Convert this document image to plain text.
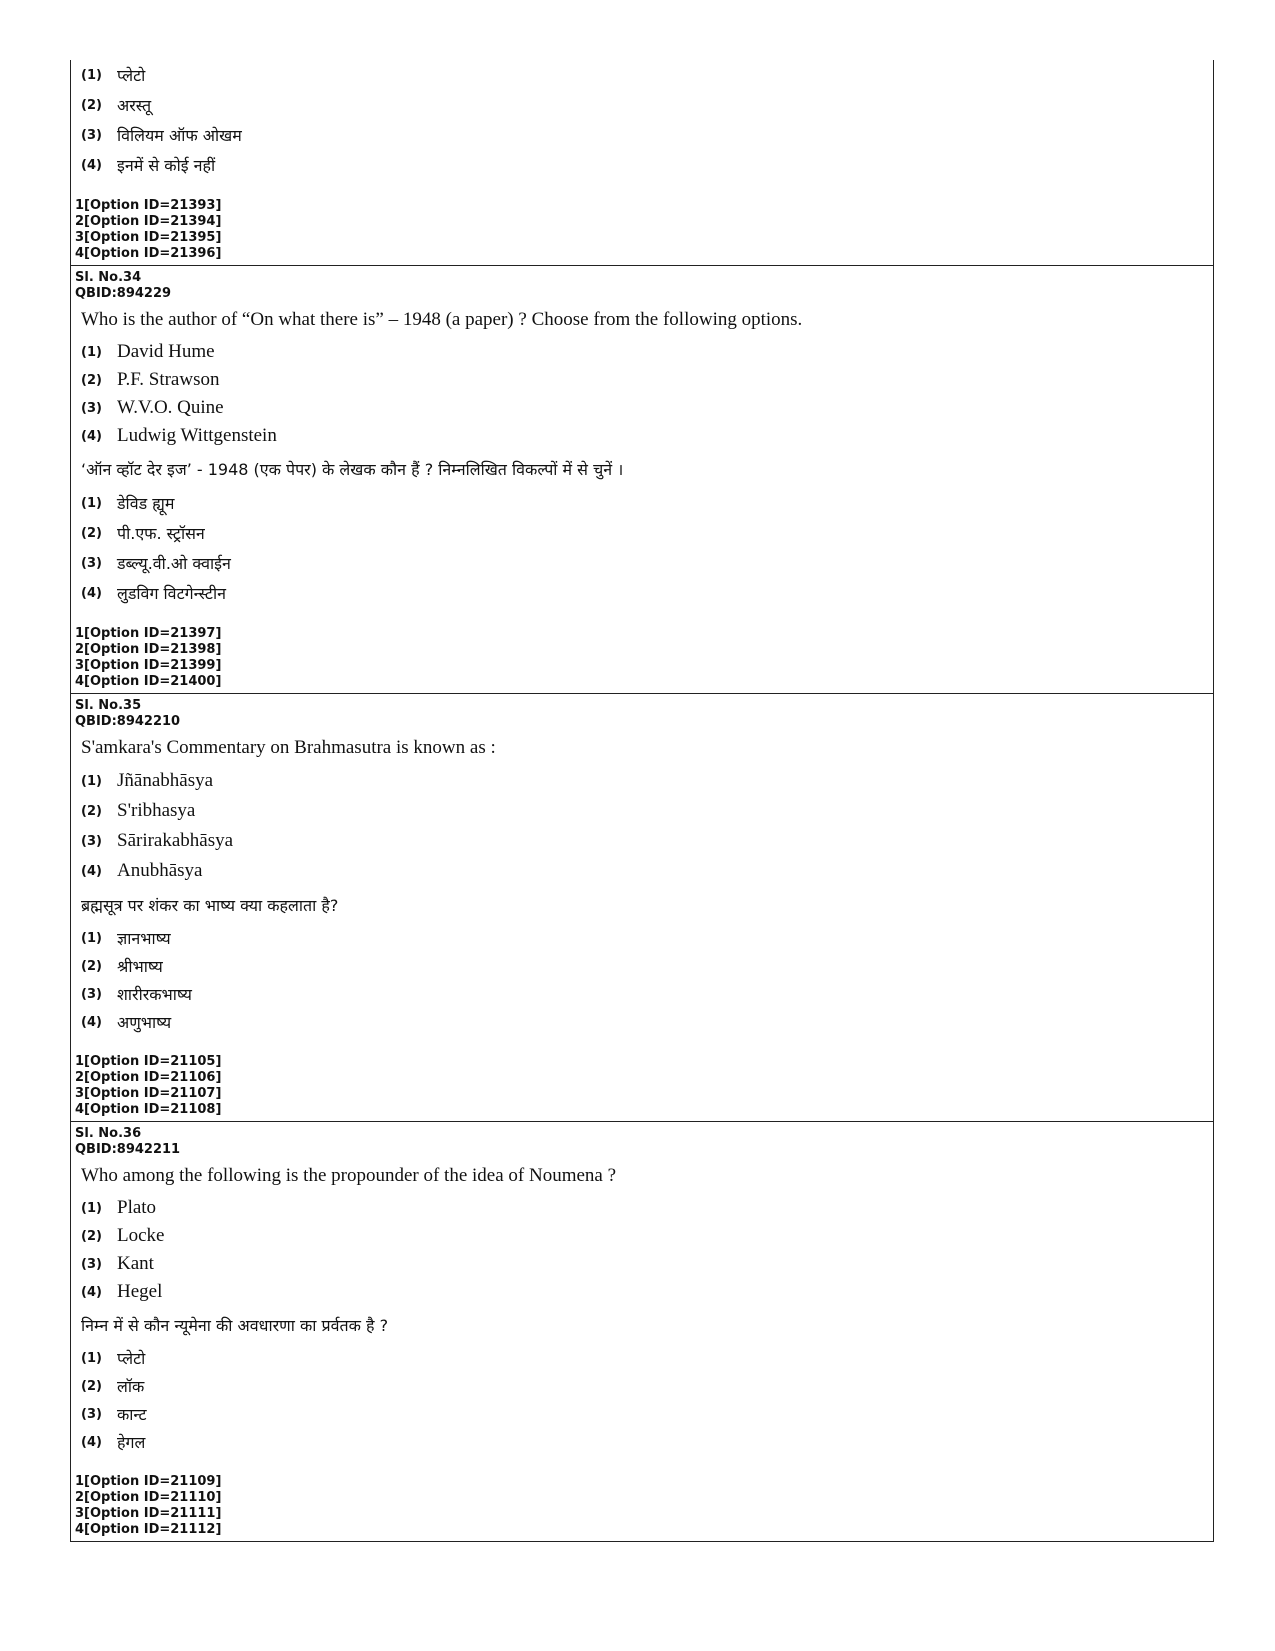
(1) प्लेटो
(2) अरस्तू
(3) विलियम ऑफ ओखम
(4) इनमें से कोई नहीं
1[Option ID=21393]
2[Option ID=21394]
3[Option ID=21395]
4[Option ID=21396]
Sl. No.34
QBID:894229
Who is the author of “On what there is” – 1948 (a paper) ? Choose from the following options.
(1) David Hume
(2) P.F. Strawson
(3) W.V.O. Quine
(4) Ludwig Wittgenstein
‘ऑन व्हॉट देर इज’ - 1948 (एक पेपर) के लेखक कौन हैं ? निम्नलिखित विकल्पों में से चुनें ।
(1) डेविड ह्यूम
(2) पी.एफ. स्ट्रॉसन
(3) डब्ल्यू.वी.ओ क्वाईन
(4) लुडविग विटगेन्स्टीन
1[Option ID=21397]
2[Option ID=21398]
3[Option ID=21399]
4[Option ID=21400]
Sl. No.35
QBID:8942210
S'amkara's Commentary on Brahmasutra is known as :
(1) Jñānabhāsya
(2) S'ribhasya
(3) Sārirakabhāsya
(4) Anubhāsya
ब्रह्मसूत्र पर शंकर का भाष्य क्या कहलाता है?
(1) ज्ञानभाष्य
(2) श्रीभाष्य
(3) शारीरकभाष्य
(4) अणुभाष्य
1[Option ID=21105]
2[Option ID=21106]
3[Option ID=21107]
4[Option ID=21108]
Sl. No.36
QBID:8942211
Who among the following is the propounder of the idea of Noumena ?
(1) Plato
(2) Locke
(3) Kant
(4) Hegel
निम्न में से कौन न्यूमेना की अवधारणा का प्रर्वतक है ?
(1) प्लेटो
(2) लॉक
(3) कान्ट
(4) हेगल
1[Option ID=21109]
2[Option ID=21110]
3[Option ID=21111]
4[Option ID=21112]
